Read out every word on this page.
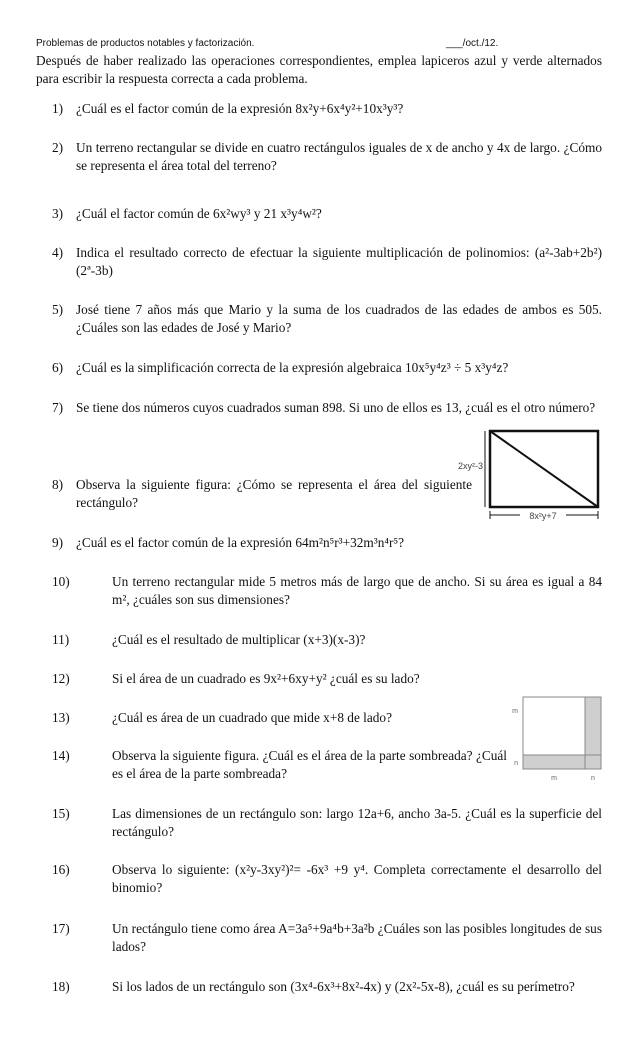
Problemas de productos notables y factorización.	___/oct./12.
Después de haber realizado las operaciones correspondientes, emplea lapiceros azul y verde alternados para escribir la respuesta correcta a cada problema.
1) ¿Cuál es el factor común de la expresión 8x²y+6x⁴y²+10x³y³?
2) Un terreno rectangular se divide en cuatro rectángulos iguales de x de ancho y 4x de largo. ¿Cómo se representa el área total del terreno?
3) ¿Cuál el factor común de 6x²wy³ y 21 x³y⁴w²?
4) Indica el resultado correcto de efectuar la siguiente multiplicación de polinomios: (a²-3ab+2b²)(2ª-3b)
5) José tiene 7 años más que Mario y la suma de los cuadrados de las edades de ambos es 505. ¿Cuáles son las edades de José y Mario?
6) ¿Cuál es la simplificación correcta de la expresión algebraica 10x⁵y⁴z³ ÷ 5 x³y⁴z?
7) Se tiene dos números cuyos cuadrados suman 898. Si uno de ellos es 13, ¿cuál es el otro número?
8) Observa la siguiente figura: ¿Cómo se representa el área del siguiente rectángulo?
9) ¿Cuál es el factor común de la expresión 64m²n⁵r³+32m³n⁴r⁵?
10)	Un terreno rectangular mide 5 metros más de largo que de ancho. Si su área es igual a 84 m², ¿cuáles son sus dimensiones?
11)	¿Cuál es el resultado de multiplicar (x+3)(x-3)?
12)	Si el área de un cuadrado es 9x²+6xy+y² ¿cuál es su lado?
13)	¿Cuál es área de un cuadrado que mide x+8 de lado?
14)	Observa la siguiente figura. ¿Cuál es el área de la parte sombreada? ¿Cuál es el área de la parte sombreada?
15)	Las dimensiones de un rectángulo son: largo 12a+6, ancho 3a-5. ¿Cuál es la superficie del rectángulo?
16)	Observa lo siguiente: (x²y-3xy²)²= -6x³ +9 y⁴. Completa correctamente el desarrollo del binomio?
17)	Un rectángulo tiene como área A=3a⁵+9a⁴b+3a²b ¿Cuáles son las posibles longitudes de sus lados?
18)	Si los lados de un rectángulo son (3x⁴-6x³+8x²-4x) y (2x²-5x-8), ¿cuál es su perímetro?
2xy²-3
8x²y+7
m
n
m	n
